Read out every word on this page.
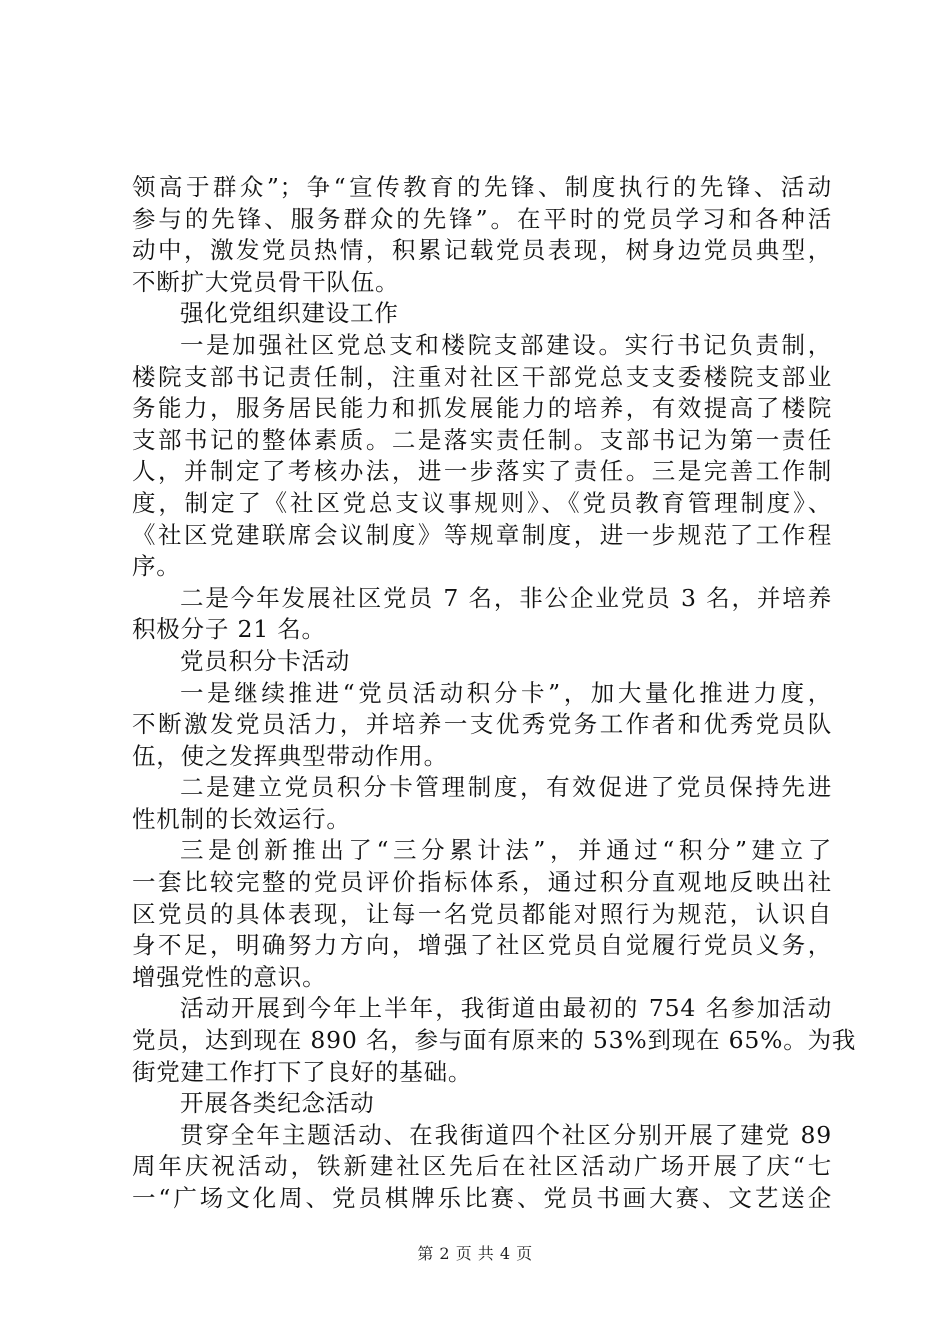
领高于群众”；争“宣传教育的先锋、制度执行的先锋、活动
参与的先锋、服务群众的先锋”。在平时的党员学习和各种活
动中，激发党员热情，积累记载党员表现，树身边党员典型，
不断扩大党员骨干队伍。
强化党组织建设工作
一是加强社区党总支和楼院支部建设。实行书记负责制，
楼院支部书记责任制，注重对社区干部党总支支委楼院支部业
务能力，服务居民能力和抓发展能力的培养，有效提高了楼院
支部书记的整体素质。二是落实责任制。支部书记为第一责任
人，并制定了考核办法，进一步落实了责任。三是完善工作制
度，制定了《社区党总支议事规则》、《党员教育管理制度》、
《社区党建联席会议制度》等规章制度，进一步规范了工作程
序。
二是今年发展社区党员 7 名，非公企业党员 3 名，并培养
积极分子 21 名。
党员积分卡活动
一是继续推进“党员活动积分卡”，加大量化推进力度，
不断激发党员活力，并培养一支优秀党务工作者和优秀党员队
伍，使之发挥典型带动作用。
二是建立党员积分卡管理制度，有效促进了党员保持先进
性机制的长效运行。
三是创新推出了“三分累计法”，并通过“积分”建立了
一套比较完整的党员评价指标体系，通过积分直观地反映出社
区党员的具体表现，让每一名党员都能对照行为规范，认识自
身不足，明确努力方向，增强了社区党员自觉履行党员义务，
增强党性的意识。
活动开展到今年上半年，我街道由最初的 754 名参加活动
党员，达到现在 890 名，参与面有原来的 53%到现在 65%。为我
街党建工作打下了良好的基础。
开展各类纪念活动
贯穿全年主题活动、在我街道四个社区分别开展了建党 89
周年庆祝活动，铁新建社区先后在社区活动广场开展了庆“七
一“广场文化周、党员棋牌乐比赛、党员书画大赛、文艺送企
第 2 页 共 4 页
